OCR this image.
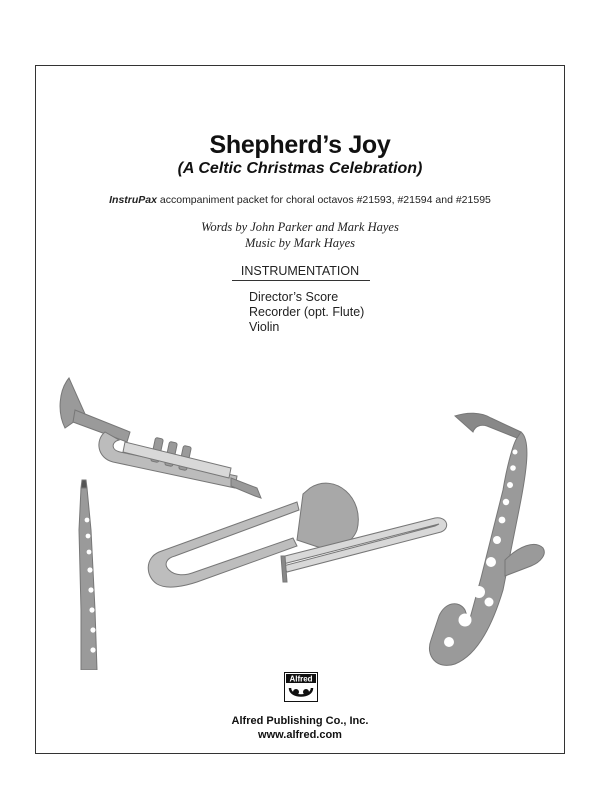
Shepherd’s Joy
(A Celtic Christmas Celebration)
InstruPax accompaniment packet for choral octavos #21593, #21594 and #21595
Words by John Parker and Mark Hayes
Music by Mark Hayes
INSTRUMENTATION
Director’s Score
Recorder (opt. Flute)
Violin
Alfred
Alfred Publishing Co., Inc.
www.alfred.com
